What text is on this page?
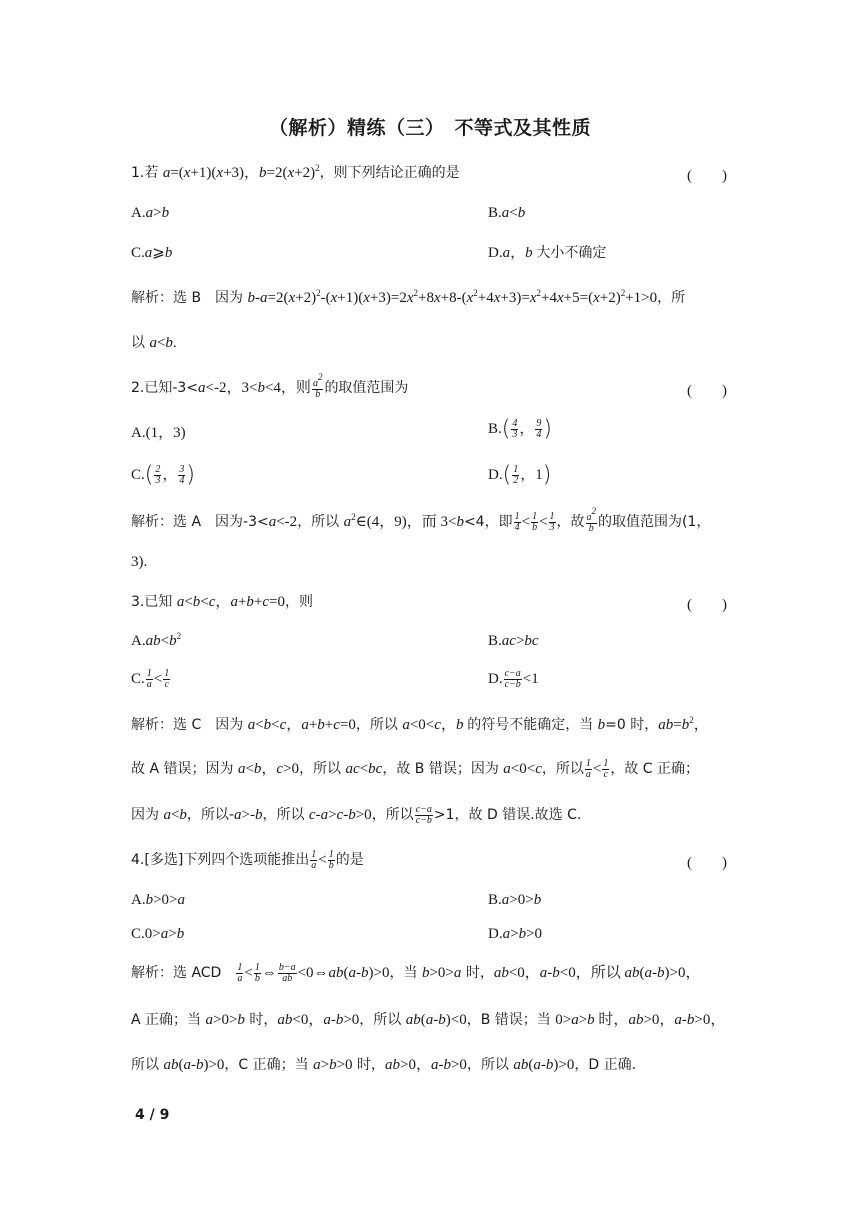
（解析）精练（三）　不等式及其性质
1.若 a=(x+1)(x+3)，$b=2(x+2)^2$，则下列结论正确的是	(　　)
A.a>b	B.a<b
C.a⩾b	D.a，b 大小不确定
解析：选 B　因为 $b-a=2(x+2)^2-(x+1)(x+3)=2x^2+8x+8-(x^2+4x+3)=x^2+4x+5=(x+2)^2+1>0$，所
以 a<b.
2.已知-3<a<-2，3<b<4，则 $\frac{a^2}{b}$ 的取值范围为	(　　)
A.(1，3)	$B.( \frac{4}{3}$ ， $\frac{9}{4}$ )
$C.( \frac{2}{3}$ ， $\frac{3}{4}$ )	$D.( \frac{1}{2}$ ，1)
解析：选 A　因为-3<a<-2，所以 $a^2\in(4$，9)，而 3<b<4，即 $\frac{1}{4} < \frac{1}{b} < \frac{1}{3}$ ，故 $\frac{a^2}{b}$ 的取值范围为(1，
3).
3.已知 a<b<c，a+b+c=0，则	(　　)
$A.ab<b^2$	B.ac>bc
C. $\frac{1}{a} < \frac{1}{c}$	D. $\frac{c-a}{c-b} <1$
解析：选 C　因为 a<b<c，a+b+c=0，所以 a<0<c，b 的符号不能确定，当 b=0 时，$ab=b^2$，
故 A 错误；因为 a<b，c>0，所以 ac<bc，故 B 错误；因为 a<0<c，所以 $\frac{1}{a} < \frac{1}{c}$ ，故 C 正确；
因为 a<b，所以-a>-b，所以 c-a>c-b>0，所以 $\frac{c-a}{c-b} >1$，故 D 错误.故选 C.
4.[多选]下列四个选项能推出 $\frac{1}{a} < \frac{1}{b}$ 的是	(　　)
A.b>0>a	B.a>0>b
C.0>a>b	D.a>b>0
解析：选 ACD　 $\frac{1}{a} < \frac{1}{b}$ ⇔ $\frac{b-a}{ab}$ <0⇔ab(a-b)>0，当 b>0>a 时，ab<0，a-b<0，所以 ab(a-b)>0，
A 正确；当 a>0>b 时，ab<0，a-b>0，所以 ab(a-b)<0，B 错误；当 0>a>b 时，ab>0，a-b>0，
所以 ab(a-b)>0，C 正确；当 a>b>0 时，ab>0，a-b>0，所以 ab(a-b)>0，D 正确.
4 / 9
